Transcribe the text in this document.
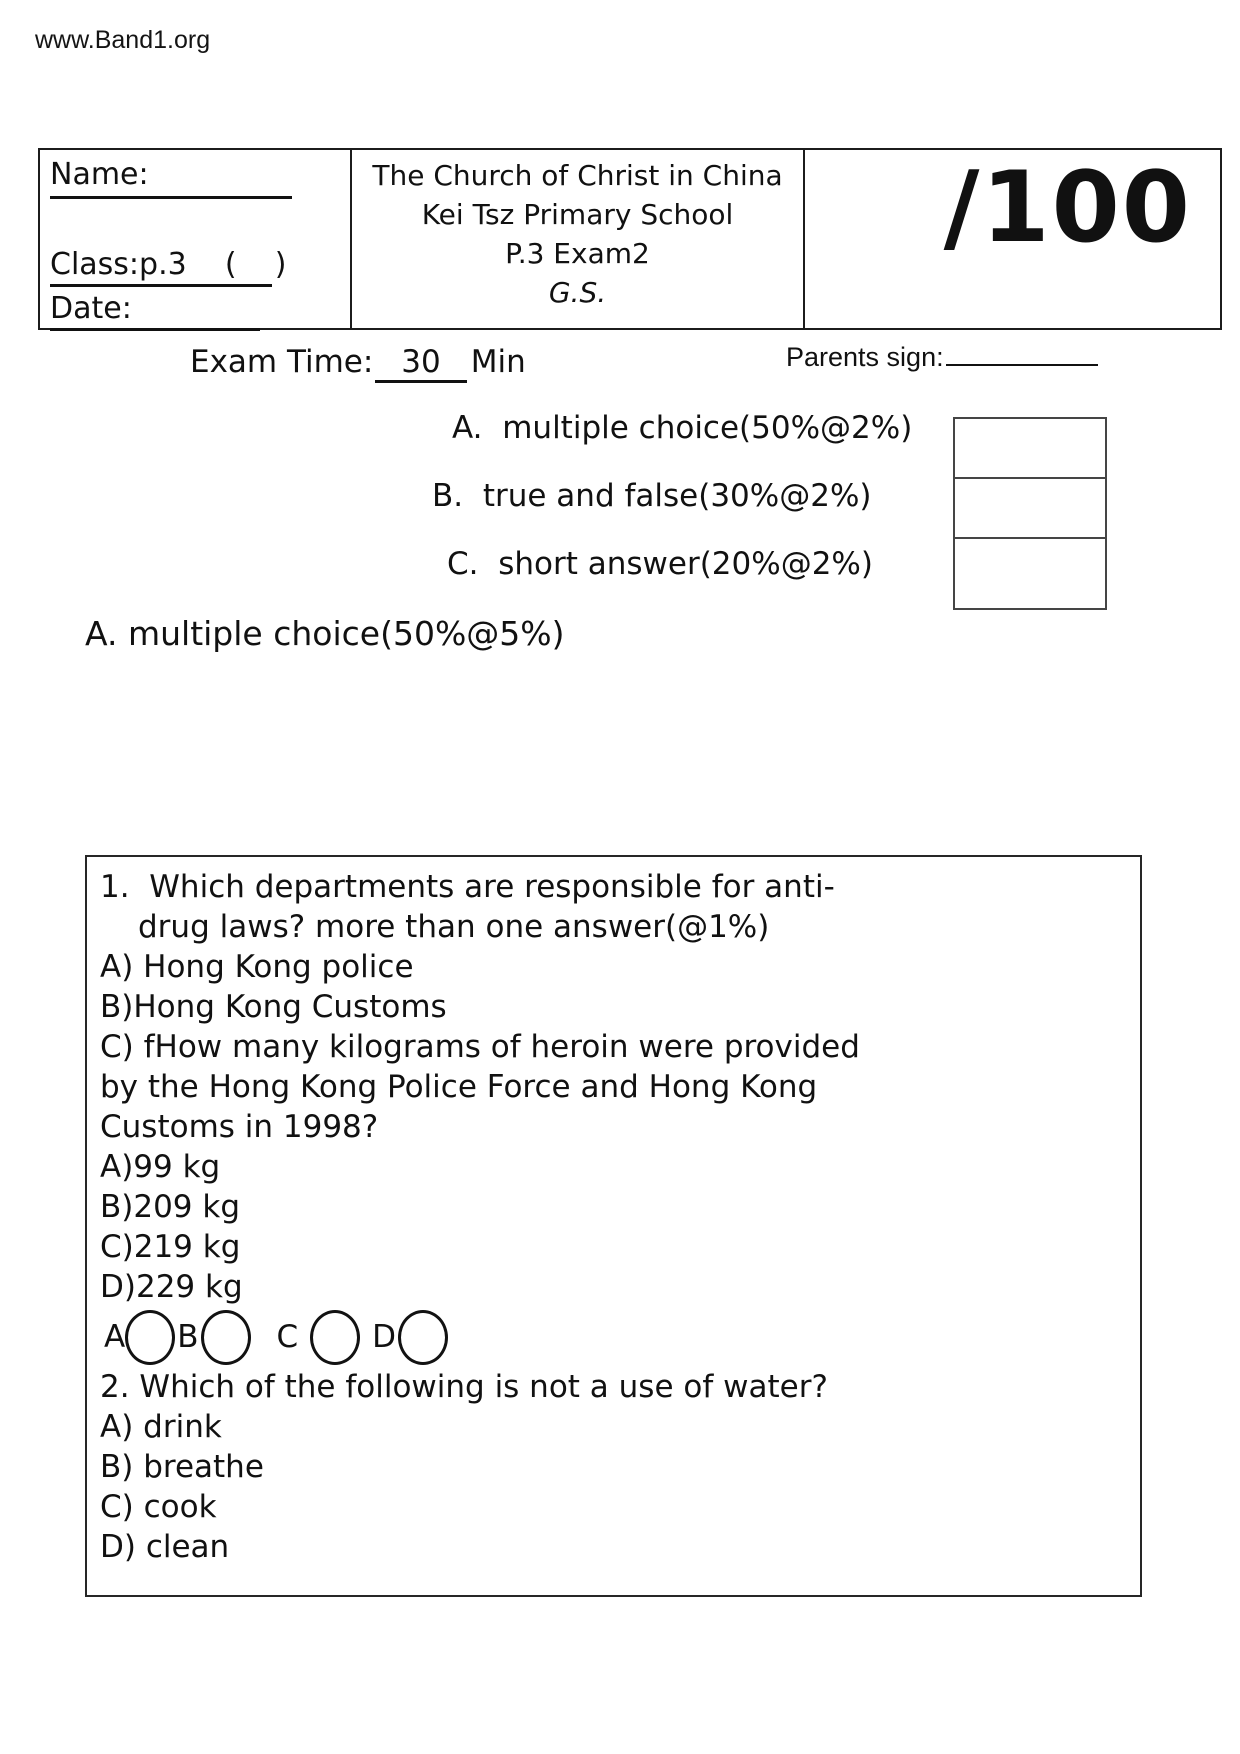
www.Band1.org
Name:
Class:p.3    (    )
Date:
The Church of Christ in China
Kei Tsz Primary School
P.3 Exam2
G.S.
/100
Exam Time: 30 Min	Parents sign:
A.  multiple choice(50%@2%)
B.  true and false(30%@2%)
C.  short answer(20%@2%)
A. multiple choice(50%@5%)
1.  Which departments are responsible for anti-
drug laws? more than one answer(@1%)
A) Hong Kong police
B)Hong Kong Customs
C) fHow many kilograms of heroin were provided
by the Hong Kong Police Force and Hong Kong
Customs in 1998?
A)99 kg
B)209 kg
C)219 kg
D)229 kg
A B	C D
2. Which of the following is not a use of water?
A) drink
B) breathe
C) cook
D) clean
